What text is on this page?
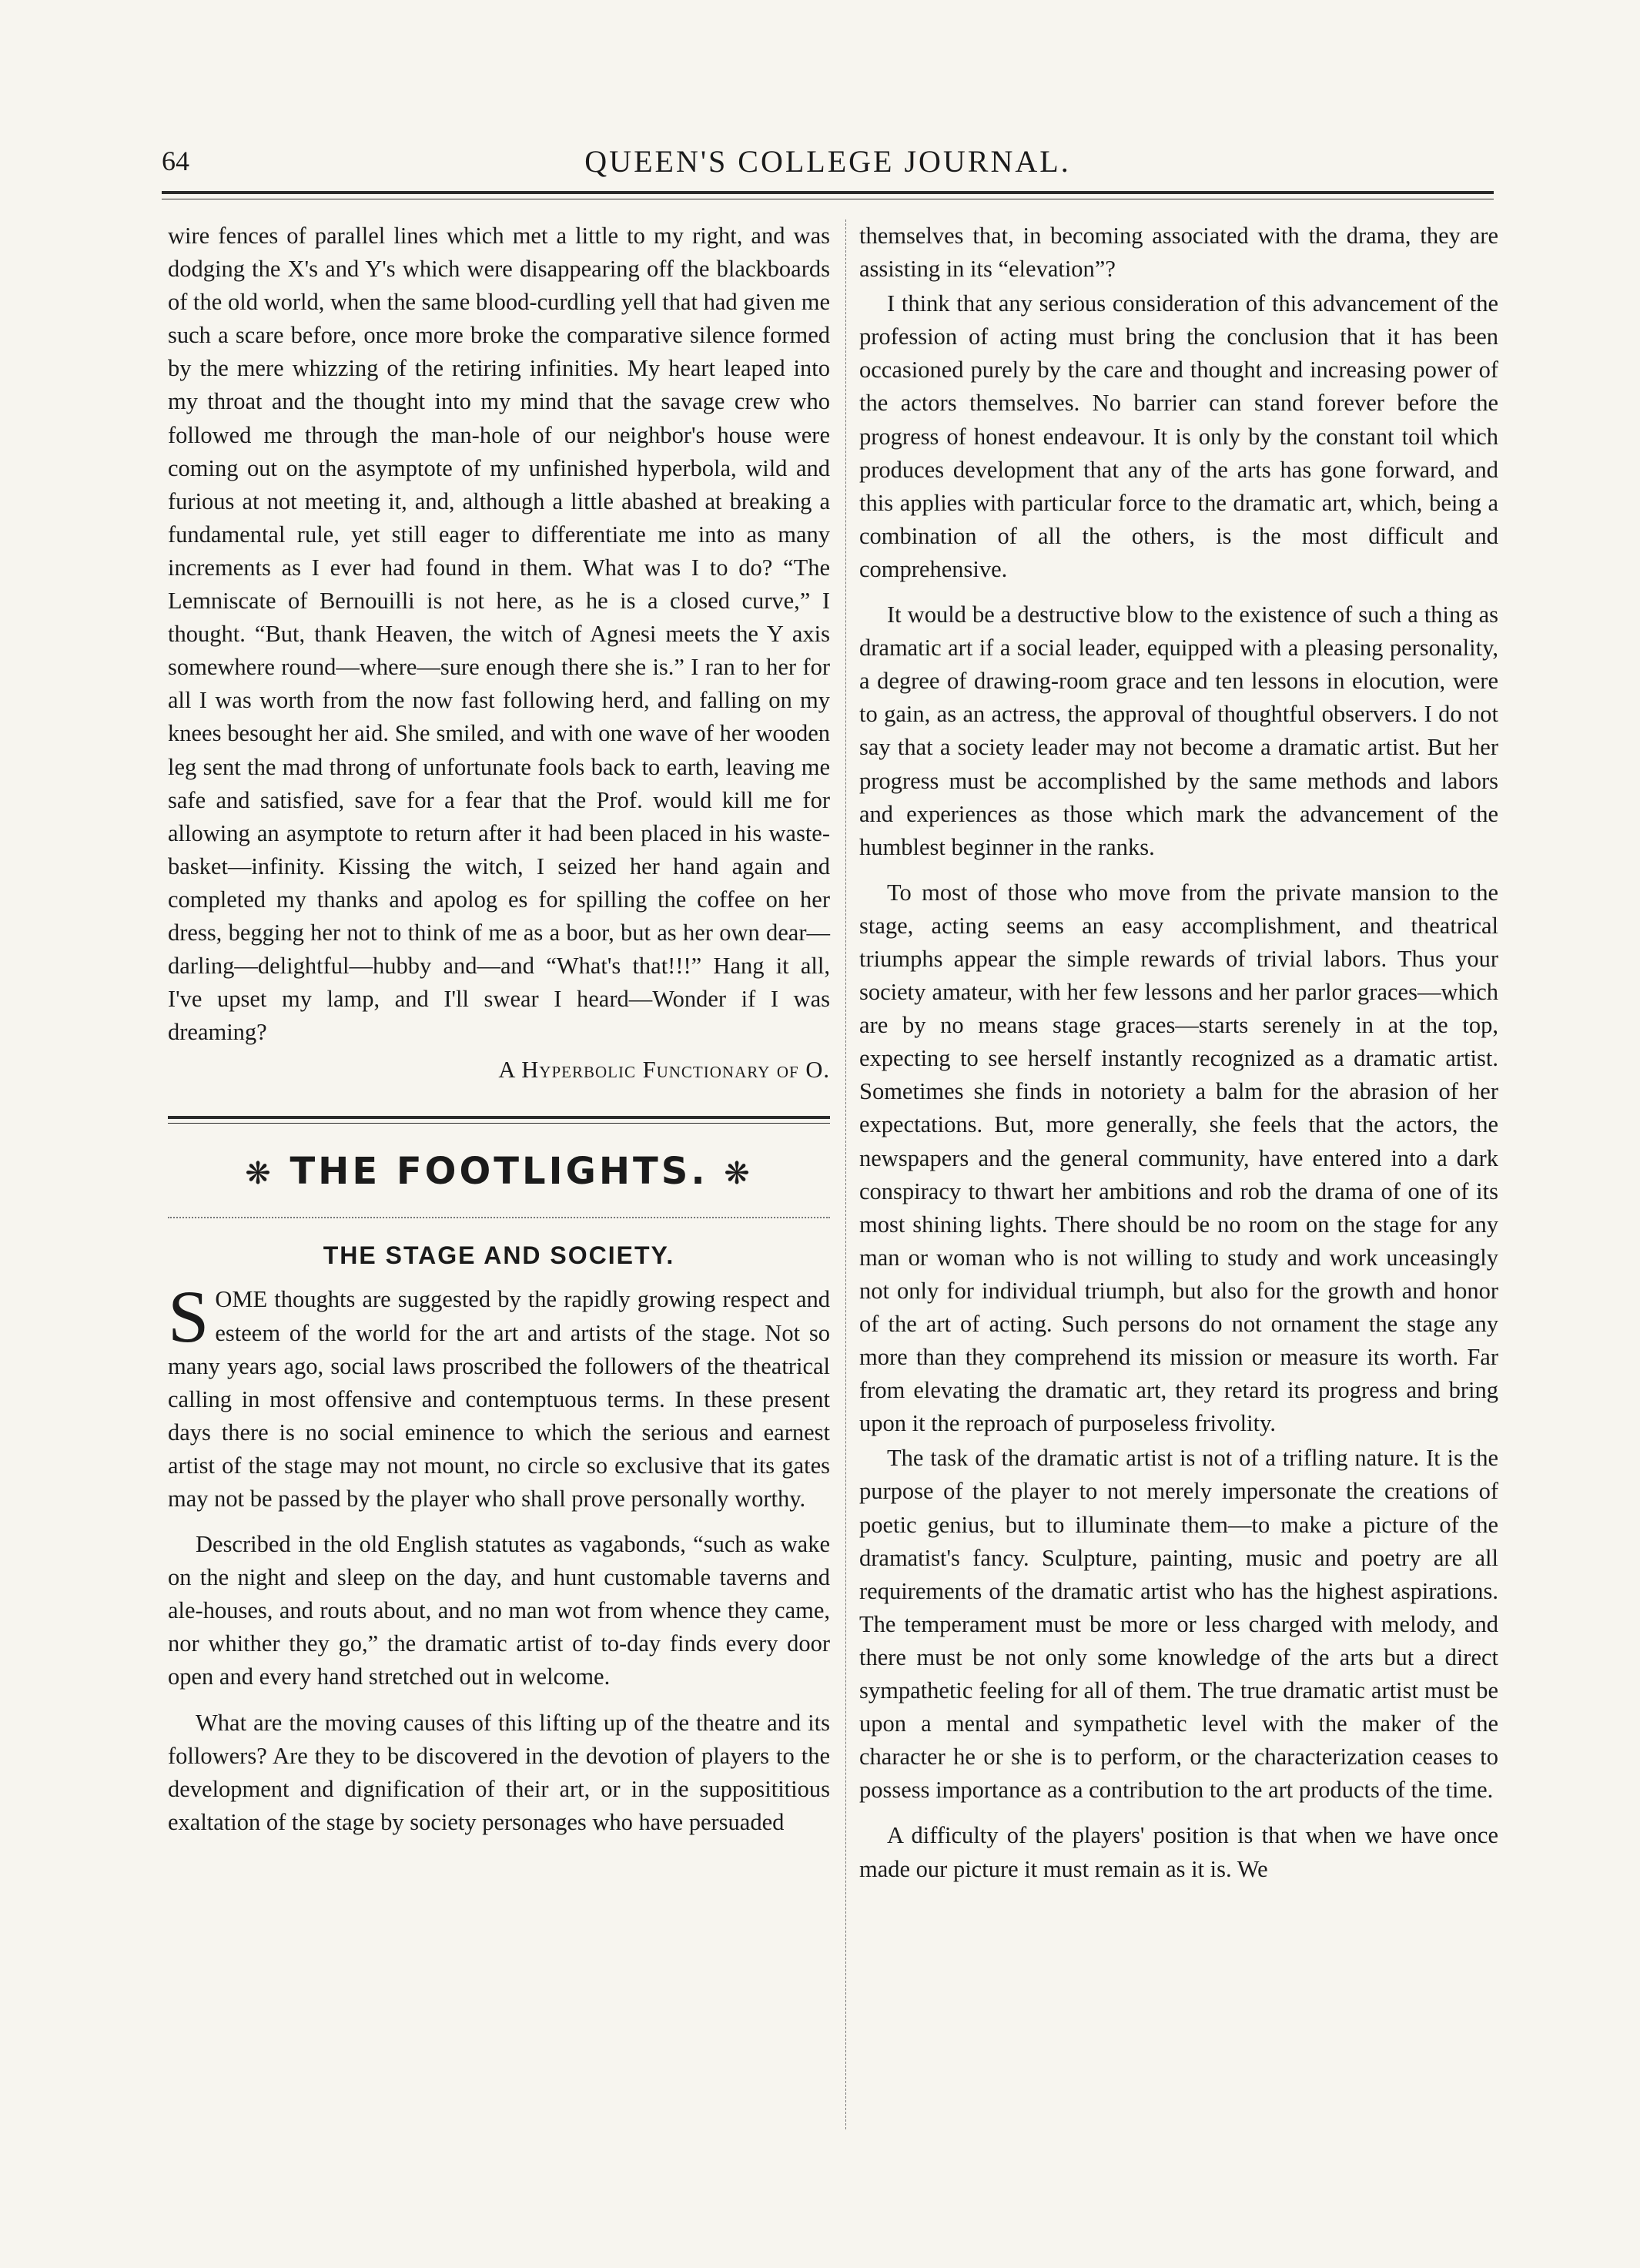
64	QUEEN'S COLLEGE JOURNAL.

wire fences of parallel lines which met a little to my right, and was dodging the X's and Y's which were disappearing off the blackboards of the old world, when the same blood-curdling yell that had given me such a scare before, once more broke the comparative silence formed by the mere whizzing of the retiring infinities. My heart leaped into my throat and the thought into my mind that the savage crew who followed me through the man-hole of our neighbor's house were coming out on the asymptote of my unfinished hyperbola, wild and furious at not meeting it, and, although a little abashed at breaking a fundamental rule, yet still eager to differentiate me into as many increments as I ever had found in them. What was I to do? “The Lemniscate of Bernouilli is not here, as he is a closed curve,” I thought. “But, thank Heaven, the witch of Agnesi meets the Y axis somewhere round—where—sure enough there she is.” I ran to her for all I was worth from the now fast following herd, and falling on my knees besought her aid. She smiled, and with one wave of her wooden leg sent the mad throng of unfortunate fools back to earth, leaving me safe and satisfied, save for a fear that the Prof. would kill me for allowing an asymptote to return after it had been placed in his waste-basket—infinity. Kissing the witch, I seized her hand again and completed my thanks and apolog es for spilling the coffee on her dress, begging her not to think of me as a boor, but as her own dear—darling—delightful—hubby and—and “What's that!!!” Hang it all, I've upset my lamp, and I'll swear I heard—Wonder if I was dreaming?

A Hyperbolic Functionary of O.

❋ THE FOOTLIGHTS. ❋
THE STAGE AND SOCIETY.

SOME thoughts are suggested by the rapidly growing respect and esteem of the world for the art and artists of the stage. Not so many years ago, social laws proscribed the followers of the theatrical calling in most offensive and contemptuous terms. In these present days there is no social eminence to which the serious and earnest artist of the stage may not mount, no circle so exclusive that its gates may not be passed by the player who shall prove personally worthy.

Described in the old English statutes as vagabonds, “such as wake on the night and sleep on the day, and hunt customable taverns and ale-houses, and routs about, and no man wot from whence they came, nor whither they go,” the dramatic artist of to-day finds every door open and every hand stretched out in welcome.

What are the moving causes of this lifting up of the theatre and its followers? Are they to be discovered in the devotion of players to the development and dignification of their art, or in the supposititious exaltation of the stage by society personages who have persuaded

themselves that, in becoming associated with the drama, they are assisting in its “elevation”?

I think that any serious consideration of this advancement of the profession of acting must bring the conclusion that it has been occasioned purely by the care and thought and increasing power of the actors themselves. No barrier can stand forever before the progress of honest endeavour. It is only by the constant toil which produces development that any of the arts has gone forward, and this applies with particular force to the dramatic art, which, being a combination of all the others, is the most difficult and comprehensive.

It would be a destructive blow to the existence of such a thing as dramatic art if a social leader, equipped with a pleasing personality, a degree of drawing-room grace and ten lessons in elocution, were to gain, as an actress, the approval of thoughtful observers. I do not say that a society leader may not become a dramatic artist. But her progress must be accomplished by the same methods and labors and experiences as those which mark the advancement of the humblest beginner in the ranks.

To most of those who move from the private mansion to the stage, acting seems an easy accomplishment, and theatrical triumphs appear the simple rewards of trivial labors. Thus your society amateur, with her few lessons and her parlor graces—which are by no means stage graces—starts serenely in at the top, expecting to see herself instantly recognized as a dramatic artist. Sometimes she finds in notoriety a balm for the abrasion of her expectations. But, more generally, she feels that the actors, the newspapers and the general community, have entered into a dark conspiracy to thwart her ambitions and rob the drama of one of its most shining lights. There should be no room on the stage for any man or woman who is not willing to study and work unceasingly not only for individual triumph, but also for the growth and honor of the art of acting. Such persons do not ornament the stage any more than they comprehend its mission or measure its worth. Far from elevating the dramatic art, they retard its progress and bring upon it the reproach of purposeless frivolity.

The task of the dramatic artist is not of a trifling nature. It is the purpose of the player to not merely impersonate the creations of poetic genius, but to illuminate them—to make a picture of the dramatist's fancy. Sculpture, painting, music and poetry are all requirements of the dramatic artist who has the highest aspirations. The temperament must be more or less charged with melody, and there must be not only some knowledge of the arts but a direct sympathetic feeling for all of them. The true dramatic artist must be upon a mental and sympathetic level with the maker of the character he or she is to perform, or the characterization ceases to possess importance as a contribution to the art products of the time.

A difficulty of the players' position is that when we have once made our picture it must remain as it is. We
